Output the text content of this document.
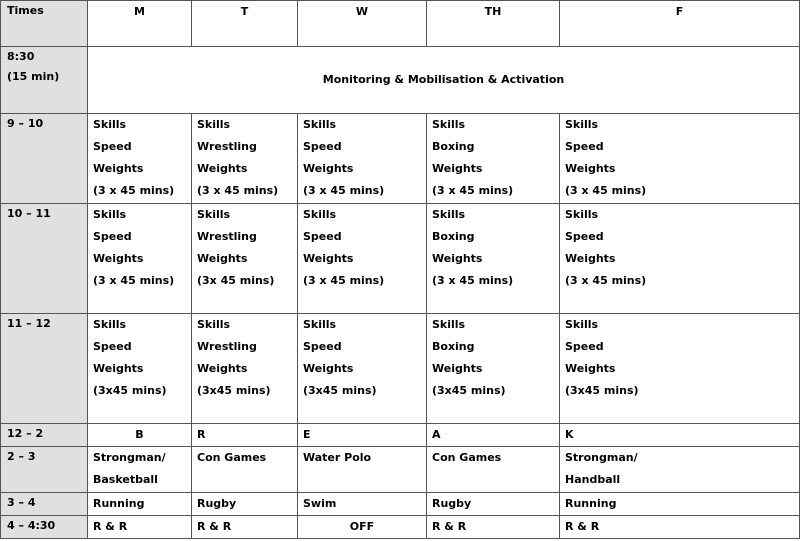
Times	M	T	W	TH	F

8:30
(15 min)	Monitoring & Mobilisation & Activation				
9 – 10	Skills
Speed
Weights
(3 x 45 mins)	Skills
Wrestling
Weights
(3 x 45 mins)	Skills
Speed
Weights
(3 x 45 mins)	Skills
Boxing
Weights
(3 x 45 mins)	Skills
Speed
Weights
(3 x 45 mins)

10 – 11	Skills
Speed
Weights
(3 x 45 mins)	Skills
Wrestling
Weights
(3x 45 mins)	Skills
Speed
Weights
(3 x 45 mins)	Skills
Boxing
Weights
(3 x 45 mins)	Skills
Speed
Weights
(3 x 45 mins)

11 – 12	Skills
Speed
Weights
(3x45 mins)	Skills
Wrestling
Weights
(3x45 mins)	Skills
Speed
Weights
(3x45 mins)	Skills
Boxing
Weights
(3x45 mins)	Skills
Speed
Weights
(3x45 mins)

12 – 2	B	R	E	A	K
2 – 3	Strongman/
Basketball	Con Games	Water Polo	Con Games	Strongman/
Handball

3 – 4	Running	Rugby	Swim	Rugby	Running
4 – 4:30	R & R	R & R	OFF	R & R	R & R
